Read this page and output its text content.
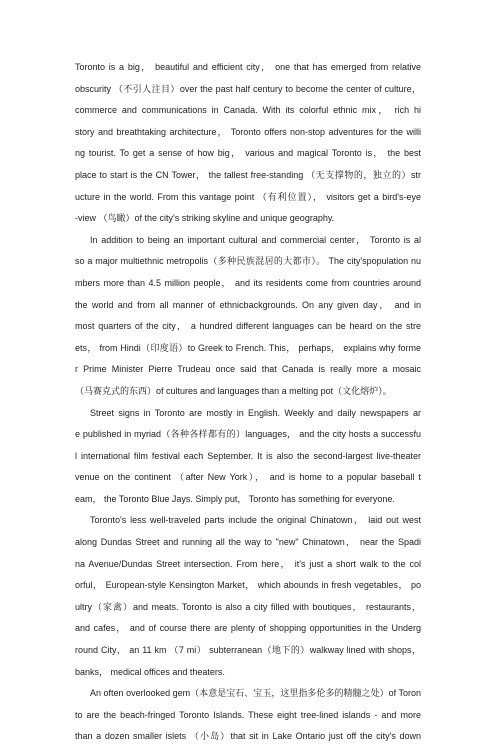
Toronto is a big， beautiful and efficient city， one that has emerged from relative
obscurity （不引人注目）over the past half century to become the center of culture，
commerce and communications in Canada. With its colorful ethnic mix， rich hi
story and breathtaking architecture， Toronto offers non-stop adventures for the willi
ng tourist. To get a sense of how big， various and magical Toronto is， the best
place to start is the CN Tower， the tallest free-standing （无支撑物的，独立的）str
ucture in the world. From this vantage point （有利位置）， visitors get a bird's-eye
-view （鸟瞰）of the city's striking skyline and unique geography.
In addition to being an important cultural and commercial center， Toronto is al
so a major multiethnic metropolis（多种民族混居的大都市）。 The city'spopulation nu
mbers more than 4.5 million people， and its residents come from countries around
the world and from all manner of ethnicbackgrounds. On any given day， and in
most quarters of the city， a hundred different languages can be heard on the stre
ets， from Hindi（印度语）to Greek to French. This， perhaps， explains why forme
r Prime Minister Pierre Trudeau once said that Canada is really more a mosaic
（马赛克式的东西）of cultures and languages than a melting pot（文化熔炉）。
Street signs in Toronto are mostly in English. Weekly and daily newspapers ar
e published in myriad（各种各样都有的）languages， and the city hosts a successfu
l international film festival each September. It is also the second-largest live-theater
venue on the continent （after New York）， and is home to a popular baseball t
eam， the Toronto Blue Jays. Simply put， Toronto has something for everyone.
Toronto's less well-traveled parts include the original Chinatown， laid out west
along Dundas Street and running all the way to "new" Chinatown， near the Spadi
na Avenue/Dundas Street intersection. From here， it's just a short walk to the col
orful， European-style Kensington Market， which abounds in fresh vegetables， po
ultry（家禽）and meats. Toronto is also a city filled with boutiques， restaurants，
and cafes， and of course there are plenty of shopping opportunities in the Underg
round City， an 11 km （7 mi） subterranean（地下的）walkway lined with shops，
banks， medical offices and theaters.
An often overlooked gem（本意是宝石、宝玉，这里指多伦多的精髓之处）of Toron
to are the beach-fringed Toronto Islands. These eight tree-lined islands - and more
than a dozen smaller islets （小岛）that sit in Lake Ontario just off the city's down
